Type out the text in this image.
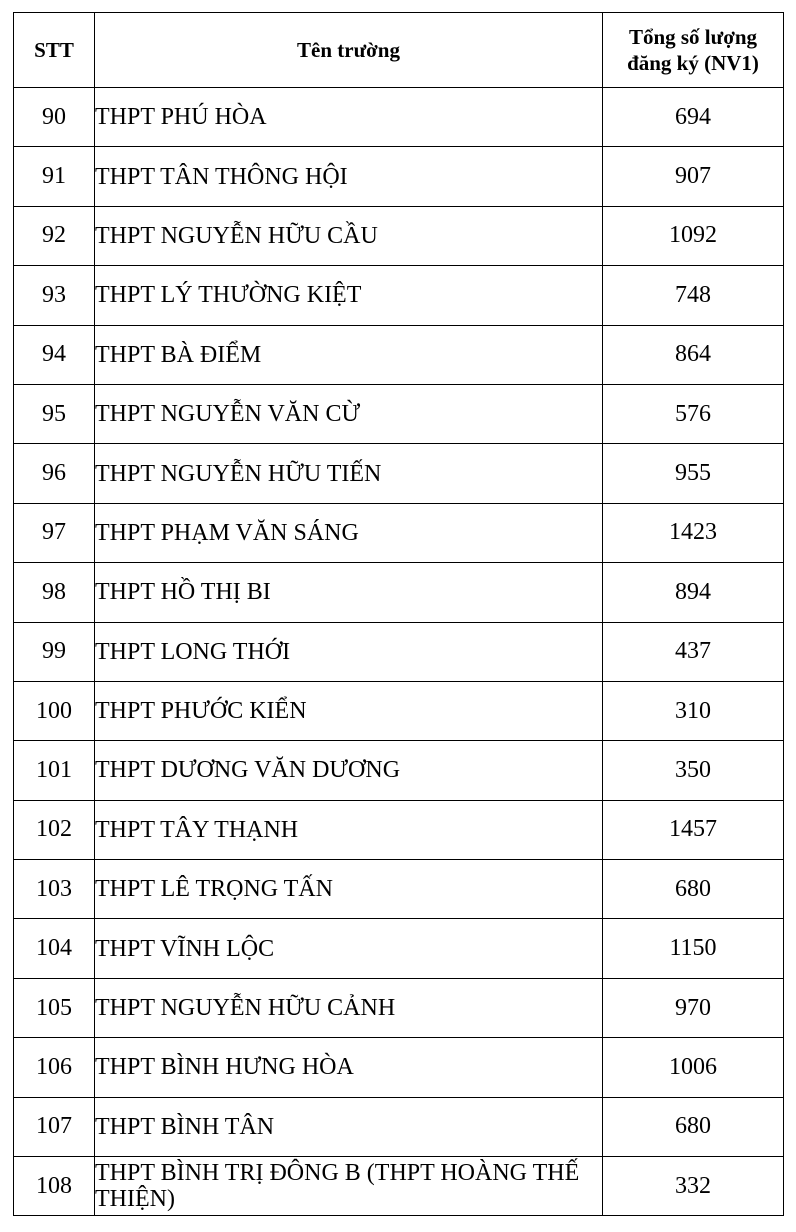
STT	Tên trường	Tổng số lượng
đăng ký (NV1)

90	THPT PHÚ HÒA	694
91	THPT TÂN THÔNG HỘI	907
92	THPT NGUYỄN HỮU CẦU	1092
93	THPT LÝ THƯỜNG KIỆT	748
94	THPT BÀ ĐIỂM	864
95	THPT NGUYỄN VĂN CỪ	576
96	THPT NGUYỄN HỮU TIẾN	955
97	THPT PHẠM VĂN SÁNG	1423
98	THPT HỒ THỊ BI	894
99	THPT LONG THỚI	437
100	THPT PHƯỚC KIỂN	310
101	THPT DƯƠNG VĂN DƯƠNG	350
102	THPT TÂY THẠNH	1457
103	THPT LÊ TRỌNG TẤN	680
104	THPT VĨNH LỘC	1150
105	THPT NGUYỄN HỮU CẢNH	970
106	THPT BÌNH HƯNG HÒA	1006
107	THPT BÌNH TÂN	680
108	THPT BÌNH TRỊ ĐÔNG B (THPT HOÀNG THẾ THIỆN)	332
